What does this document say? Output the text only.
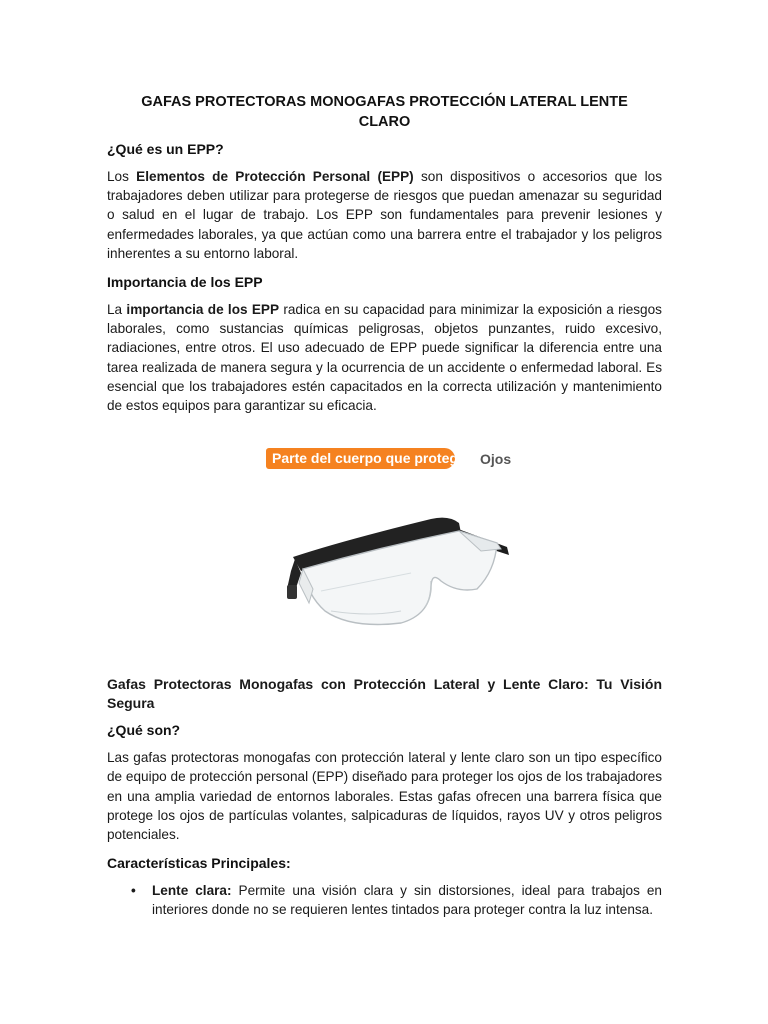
GAFAS PROTECTORAS MONOGAFAS PROTECCIÓN LATERAL LENTE CLARO
¿Qué es un EPP?

Los Elementos de Protección Personal (EPP) son dispositivos o accesorios que los trabajadores deben utilizar para protegerse de riesgos que puedan amenazar su seguridad o salud en el lugar de trabajo. Los EPP son fundamentales para prevenir lesiones y enfermedades laborales, ya que actúan como una barrera entre el trabajador y los peligros inherentes a su entorno laboral.

Importancia de los EPP

La importancia de los EPP radica en su capacidad para minimizar la exposición a riesgos laborales, como sustancias químicas peligrosas, objetos punzantes, ruido excesivo, radiaciones, entre otros. El uso adecuado de EPP puede significar la diferencia entre una tarea realizada de manera segura y la ocurrencia de un accidente o enfermedad laboral. Es esencial que los trabajadores estén capacitados en la correcta utilización y mantenimiento de estos equipos para garantizar su eficacia.

Parte del cuerpo que protege: Ojos
Gafas Protectoras Monogafas con Protección Lateral y Lente Claro: Tu Visión Segura
¿Qué son?

Las gafas protectoras monogafas con protección lateral y lente claro son un tipo específico de equipo de protección personal (EPP) diseñado para proteger los ojos de los trabajadores en una amplia variedad de entornos laborales. Estas gafas ofrecen una barrera física que protege los ojos de partículas volantes, salpicaduras de líquidos, rayos UV y otros peligros potenciales.

Características Principales:
• Lente clara: Permite una visión clara y sin distorsiones, ideal para trabajos en interiores donde no se requieren lentes tintados para proteger contra la luz intensa.
